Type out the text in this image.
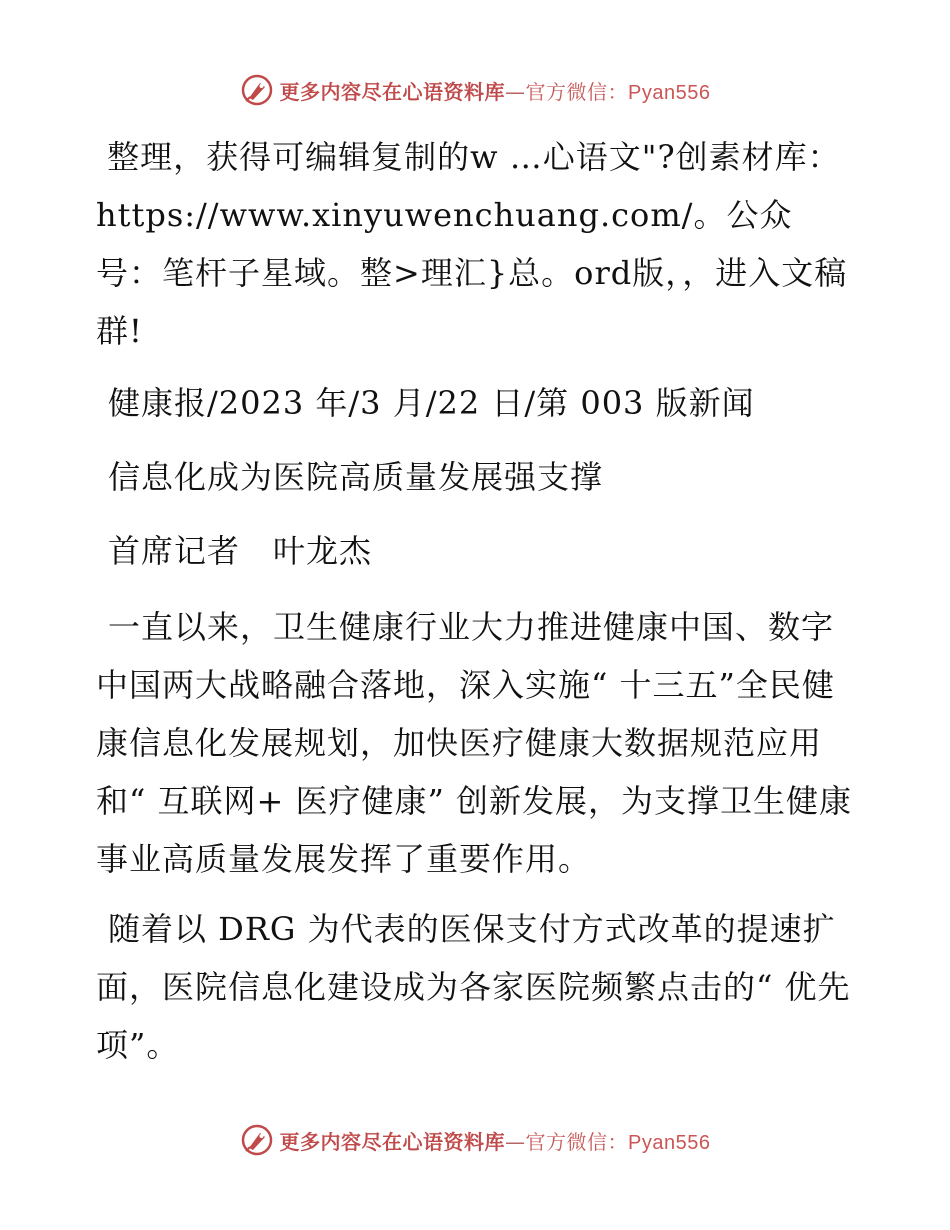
更多内容尽在心语资料库—官方微信：Pyan556

整理，获得可编辑复制的w …心语文"?创素材库：https://www.xinyuwenchuang.com/。公众号：笔杆子星域。整>理汇}总。ord版，，进入文稿群!

健康报/2023 年/3 月/22 日/第 003 版新闻

信息化成为医院高质量发展强支撑

首席记者　叶龙杰

一直以来，卫生健康行业大力推进健康中国、数字中国两大战略融合落地，深入实施“ 十三五”全民健康信息化发展规划，加快医疗健康大数据规范应用和“ 互联网+ 医疗健康” 创新发展，为支撑卫生健康事业高质量发展发挥了重要作用。

随着以 DRG 为代表的医保支付方式改革的提速扩面，医院信息化建设成为各家医院频繁点击的“ 优先项”。

更多内容尽在心语资料库—官方微信：Pyan556
